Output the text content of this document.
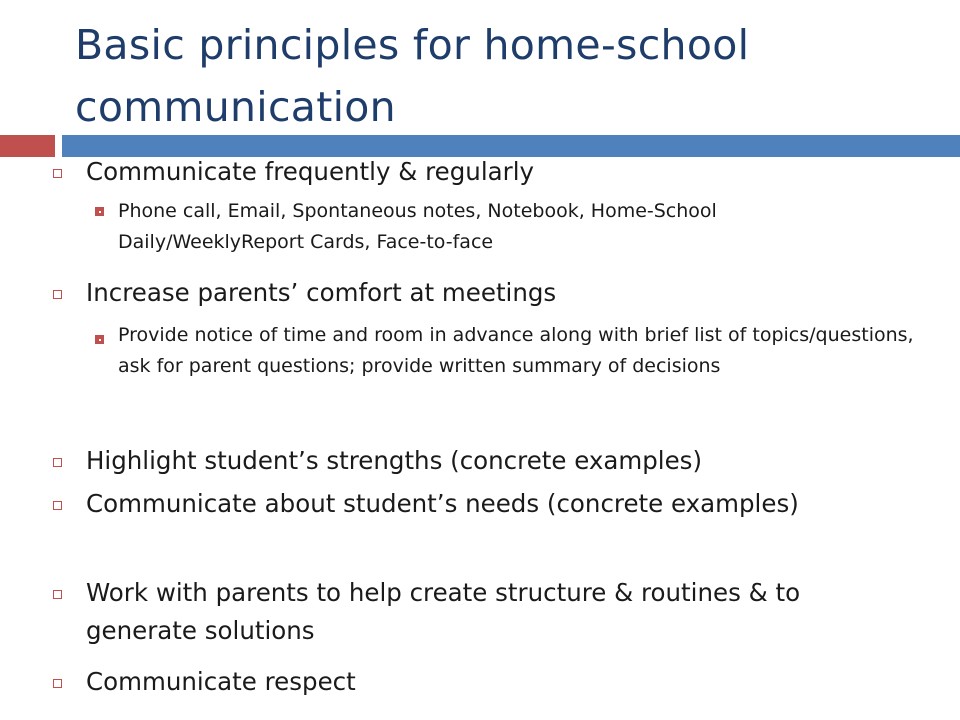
Basic principles for home-school communication
Communicate frequently & regularly
Phone call, Email, Spontaneous notes, Notebook, Home-School Daily/WeeklyReport Cards, Face-to-face
Increase parents’ comfort at meetings
Provide notice of time and room in advance along with brief list of topics/questions, ask for parent questions; provide written summary of decisions
Highlight student’s strengths (concrete examples)
Communicate about student’s needs (concrete examples)
Work with parents to help create structure & routines & to generate solutions
Communicate respect
